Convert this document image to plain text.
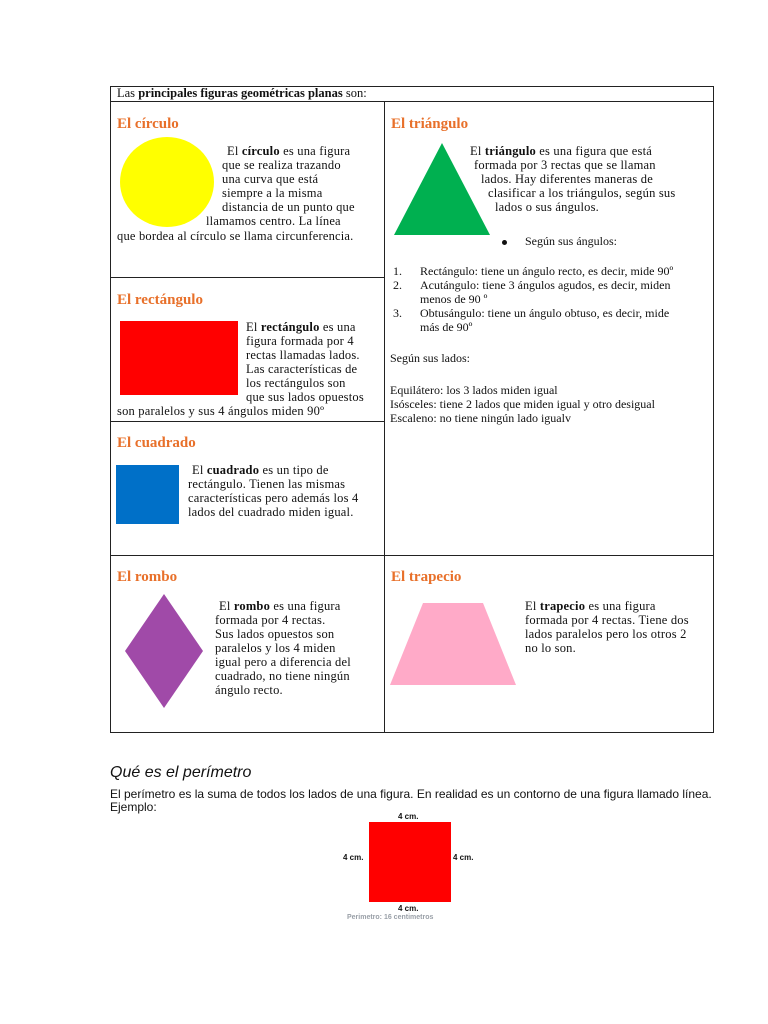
Las principales figuras geométricas planas son:
El círculo
El círculo es una figura
que se realiza trazando
una curva que está
siempre a la misma
distancia de un punto que
llamamos centro. La línea
que bordea al círculo se llama circunferencia.
El rectángulo
El rectángulo es una
figura formada por 4
rectas llamadas lados.
Las características de
los rectángulos son
que sus lados opuestos
son paralelos y sus 4 ángulos miden 90º
El cuadrado
El cuadrado es un tipo de
rectángulo. Tienen las mismas
características pero además los 4
lados del cuadrado miden igual.
El triángulo
El triángulo es una figura que está
formada por 3 rectas que se llaman
lados. Hay diferentes maneras de
clasificar a los triángulos, según sus
lados o sus ángulos.
Según sus ángulos:
1. Rectángulo: tiene un ángulo recto, es decir, mide 90º
2. Acutángulo: tiene 3 ángulos agudos, es decir, miden
menos de 90 º
3. Obtusángulo: tiene un ángulo obtuso, es decir, mide
más de 90º
Según sus lados:
Equilátero: los 3 lados miden igual
Isósceles: tiene 2 lados que miden igual y otro desigual
Escaleno: no tiene ningún lado igualv
El rombo
El rombo es una figura
formada por 4 rectas.
Sus lados opuestos son
paralelos y los 4 miden
igual pero a diferencia del
cuadrado, no tiene ningún
ángulo recto.
El trapecio
El trapecio es una figura
formada por 4 rectas. Tiene dos
lados paralelos pero los otros 2
no lo son.
Qué es el perímetro
El perímetro es la suma de todos los lados de una figura. En realidad es un contorno de una figura llamado línea.
Ejemplo:
4 cm.
4 cm.	4 cm.
4 cm.
Perimetro: 16 centimetros
